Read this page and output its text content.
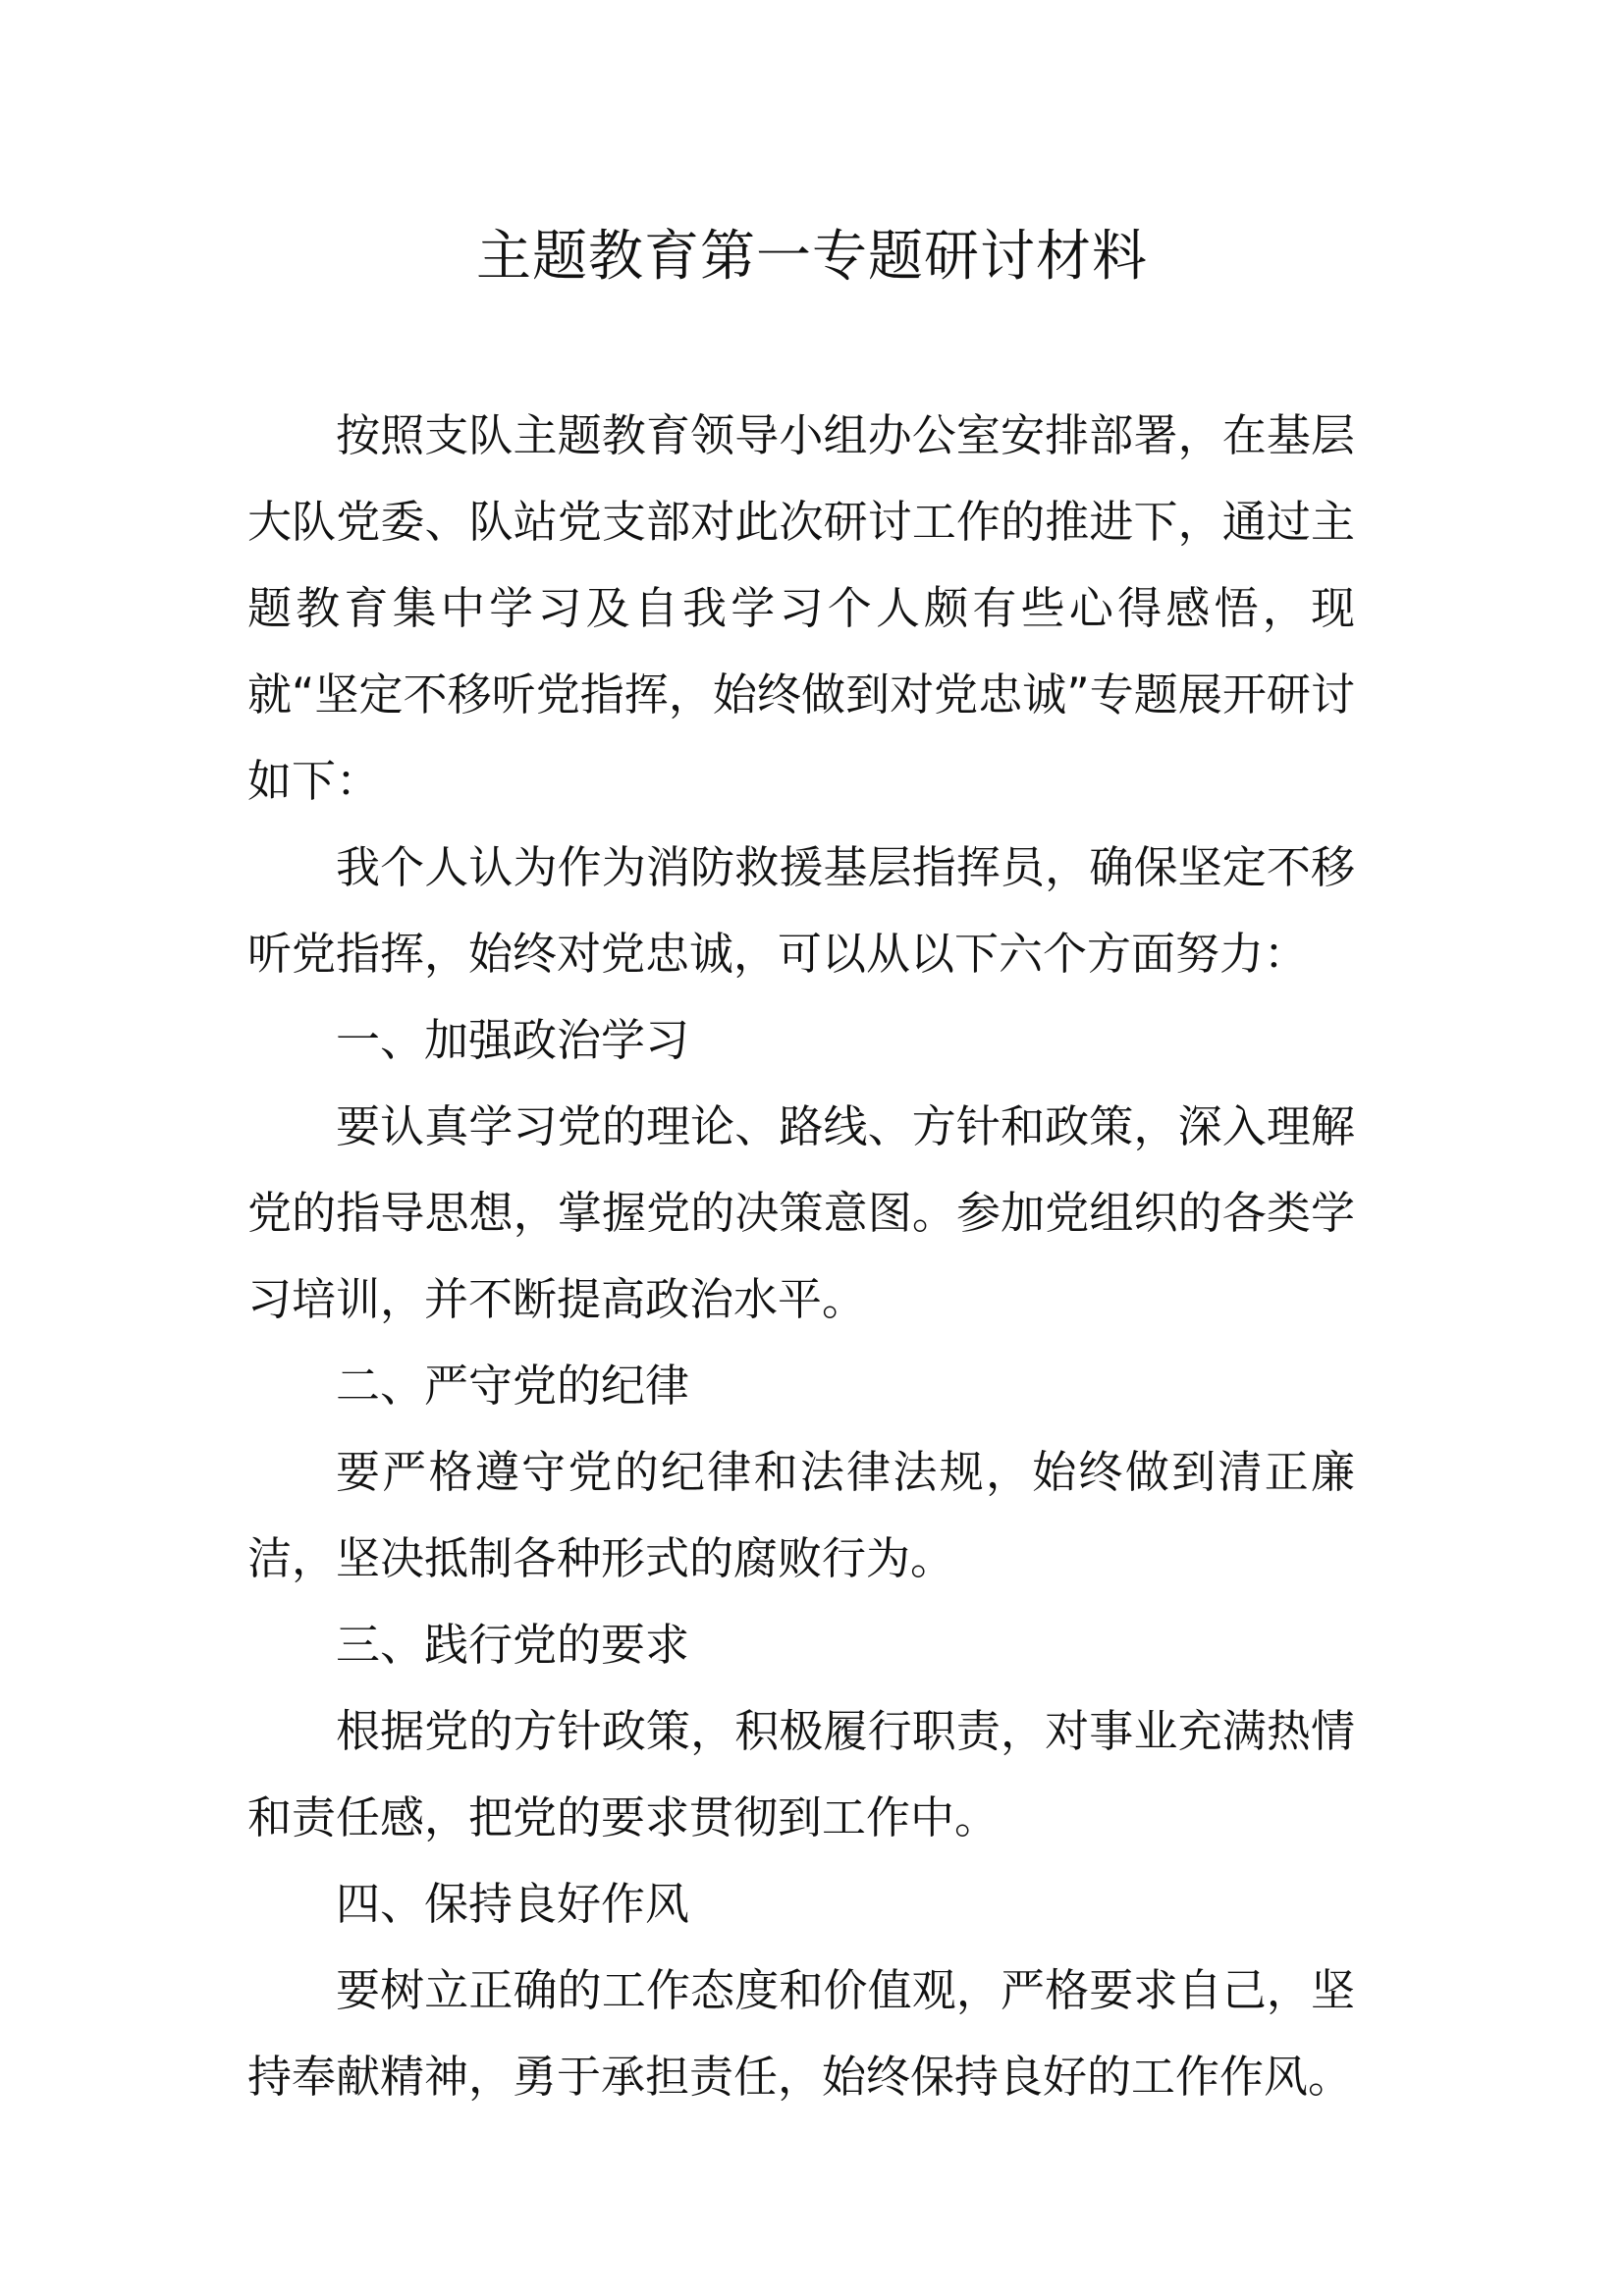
主题教育第一专题研讨材料

按照支队主题教育领导小组办公室安排部署，在基层大队党委、队站党支部对此次研讨工作的推进下，通过主题教育集中学习及自我学习个人颇有些心得感悟，现就“坚定不移听党指挥，始终做到对党忠诚”专题展开研讨如下：

我个人认为作为消防救援基层指挥员，确保坚定不移听党指挥，始终对党忠诚，可以从以下六个方面努力：

一、加强政治学习

要认真学习党的理论、路线、方针和政策，深入理解党的指导思想，掌握党的决策意图。参加党组织的各类学习培训，并不断提高政治水平。

二、严守党的纪律

要严格遵守党的纪律和法律法规，始终做到清正廉洁，坚决抵制各种形式的腐败行为。

三、践行党的要求

根据党的方针政策，积极履行职责，对事业充满热情和责任感，把党的要求贯彻到工作中。

四、保持良好作风

要树立正确的工作态度和价值观，严格要求自己，坚持奉献精神，勇于承担责任，始终保持良好的工作作风。
